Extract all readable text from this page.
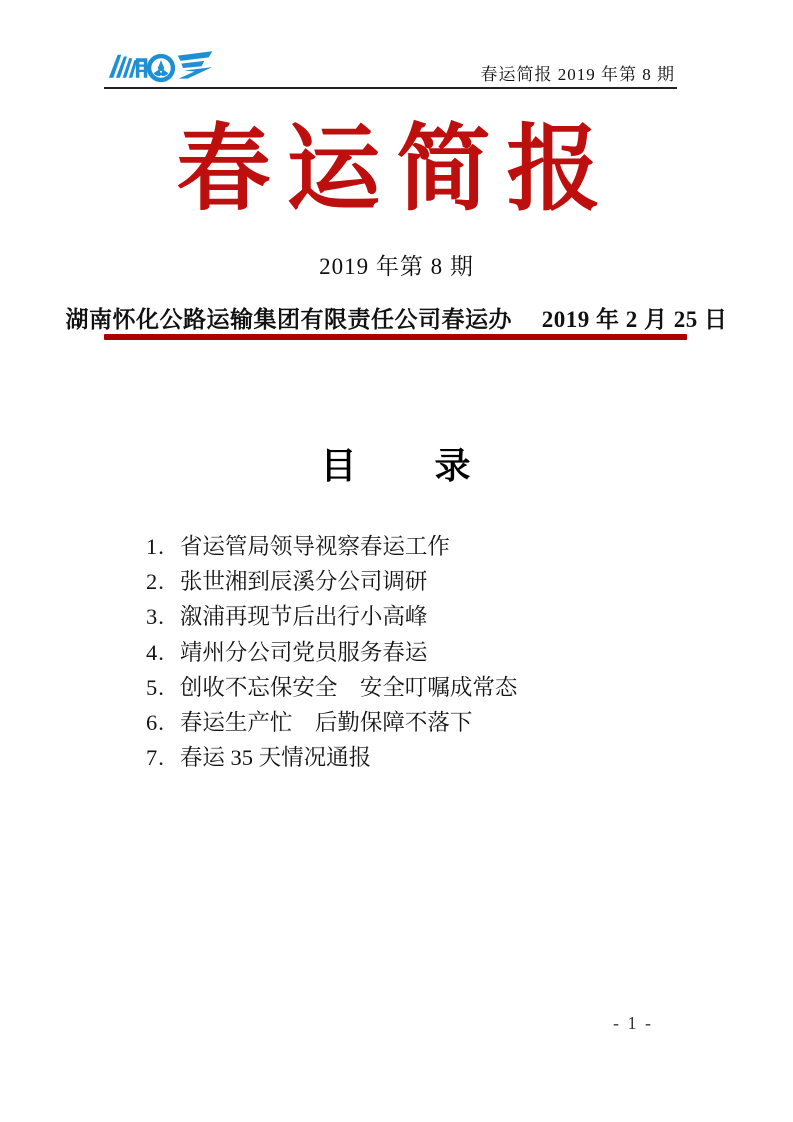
春运简报 2019 年第 8 期
春运简报
2019 年第 8 期
湖南怀化公路运输集团有限责任公司春运办　 2019 年 2 月 25 日
目　　录
1. 省运管局领导视察春运工作
2. 张世湘到辰溪分公司调研
3. 溆浦再现节后出行小高峰
4. 靖州分公司党员服务春运
5. 创收不忘保安全　安全叮嘱成常态
6. 春运生产忙　后勤保障不落下
7. 春运 35 天情况通报
- 1 -
